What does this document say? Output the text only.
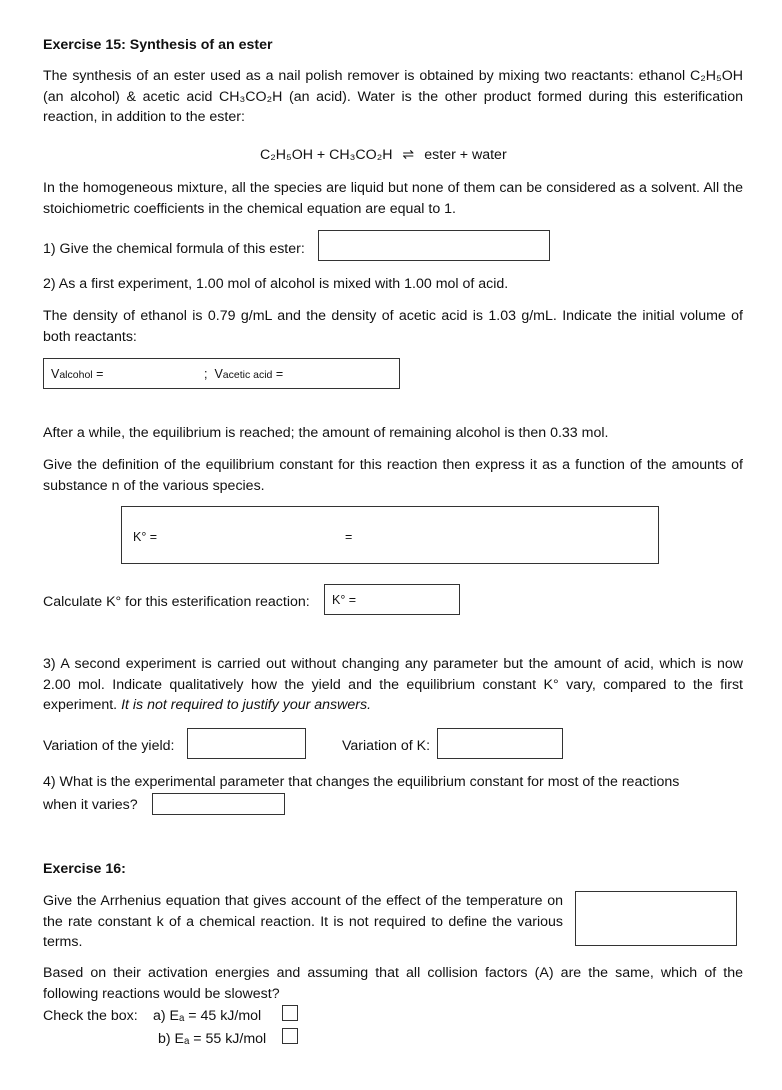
Exercise 15: Synthesis of an ester
The synthesis of an ester used as a nail polish remover is obtained by mixing two reactants: ethanol C₂H₅OH (an alcohol) & acetic acid CH₃CO₂H (an acid). Water is the other product formed during this esterification reaction, in addition to the ester:
C₂H₅OH + CH₃CO₂H ⇌ ester + water
In the homogeneous mixture, all the species are liquid but none of them can be considered as a solvent. All the stoichiometric coefficients in the chemical equation are equal to 1.
1) Give the chemical formula of this ester:
2) As a first experiment, 1.00 mol of alcohol is mixed with 1.00 mol of acid.
The density of ethanol is 0.79 g/mL and the density of acetic acid is 1.03 g/mL. Indicate the initial volume of both reactants:
Valcohol =	; Vacetic acid =
After a while, the equilibrium is reached; the amount of remaining alcohol is then 0.33 mol.
Give the definition of the equilibrium constant for this reaction then express it as a function of the amounts of substance n of the various species.
K° =	=
Calculate K° for this esterification reaction: K° =
3) A second experiment is carried out without changing any parameter but the amount of acid, which is now 2.00 mol. Indicate qualitatively how the yield and the equilibrium constant K° vary, compared to the first experiment. It is not required to justify your answers.
Variation of the yield:	Variation of K:
4) What is the experimental parameter that changes the equilibrium constant for most of the reactions
when it varies?
Exercise 16:
Give the Arrhenius equation that gives account of the effect of the temperature on the rate constant k of a chemical reaction. It is not required to define the various terms.
Based on their activation energies and assuming that all collision factors (A) are the same, which of the following reactions would be slowest?
Check the box: a) Eₐ = 45 kJ/mol
b) Eₐ = 55 kJ/mol
